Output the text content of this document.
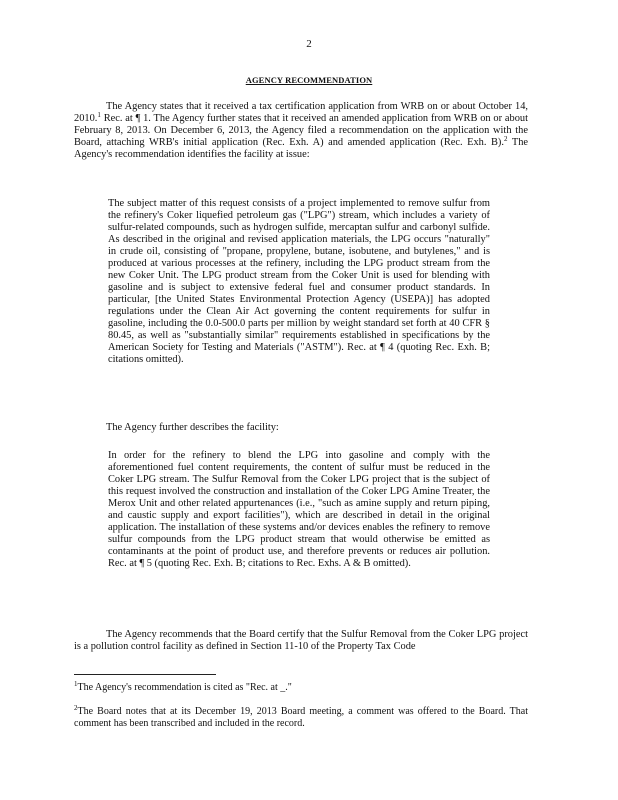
2
AGENCY RECOMMENDATION

The Agency states that it received a tax certification application from WRB on or about October 14, 2010.$^1$ Rec. at ¶ 1. The Agency further states that it received an amended application from WRB on or about February 8, 2013. On December 6, 2013, the Agency filed a recommendation on the application with the Board, attaching WRB's initial application (Rec. Exh. A) and amended application (Rec. Exh. B).$^2$ The Agency's recommendation identifies the facility at issue:

The subject matter of this request consists of a project implemented to remove sulfur from the refinery's Coker liquefied petroleum gas ("LPG") stream, which includes a variety of sulfur-related compounds, such as hydrogen sulfide, mercaptan sulfur and carbonyl sulfide. As described in the original and revised application materials, the LPG occurs "naturally" in crude oil, consisting of "propane, propylene, butane, isobutene, and butylenes," and is produced at various processes at the refinery, including the LPG product stream from the new Coker Unit. The LPG product stream from the Coker Unit is used for blending with gasoline and is subject to extensive federal fuel and consumer product standards. In particular, [the United States Environmental Protection Agency (USEPA)] has adopted regulations under the Clean Air Act governing the content requirements for sulfur in gasoline, including the 0.0-500.0 parts per million by weight standard set forth at 40 CFR § 80.45, as well as "substantially similar" requirements established in specifications by the American Society for Testing and Materials ("ASTM"). Rec. at ¶ 4 (quoting Rec. Exh. B; citations omitted).

The Agency further describes the facility:

In order for the refinery to blend the LPG into gasoline and comply with the aforementioned fuel content requirements, the content of sulfur must be reduced in the Coker LPG stream. The Sulfur Removal from the Coker LPG project that is the subject of this request involved the construction and installation of the Coker LPG Amine Treater, the Merox Unit and other related appurtenances (i.e., "such as amine supply and return piping, and caustic supply and export facilities"), which are described in detail in the original application. The installation of these systems and/or devices enables the refinery to remove sulfur compounds from the LPG product stream that would otherwise be emitted as contaminants at the point of product use, and therefore prevents or reduces air pollution. Rec. at ¶ 5 (quoting Rec. Exh. B; citations to Rec. Exhs. A & B omitted).

The Agency recommends that the Board certify that the Sulfur Removal from the Coker LPG project is a pollution control facility as defined in Section 11-10 of the Property Tax Code

$^1$The Agency's recommendation is cited as "Rec. at _."

$^2$The Board notes that at its December 19, 2013 Board meeting, a comment was offered to the Board. That comment has been transcribed and included in the record.
